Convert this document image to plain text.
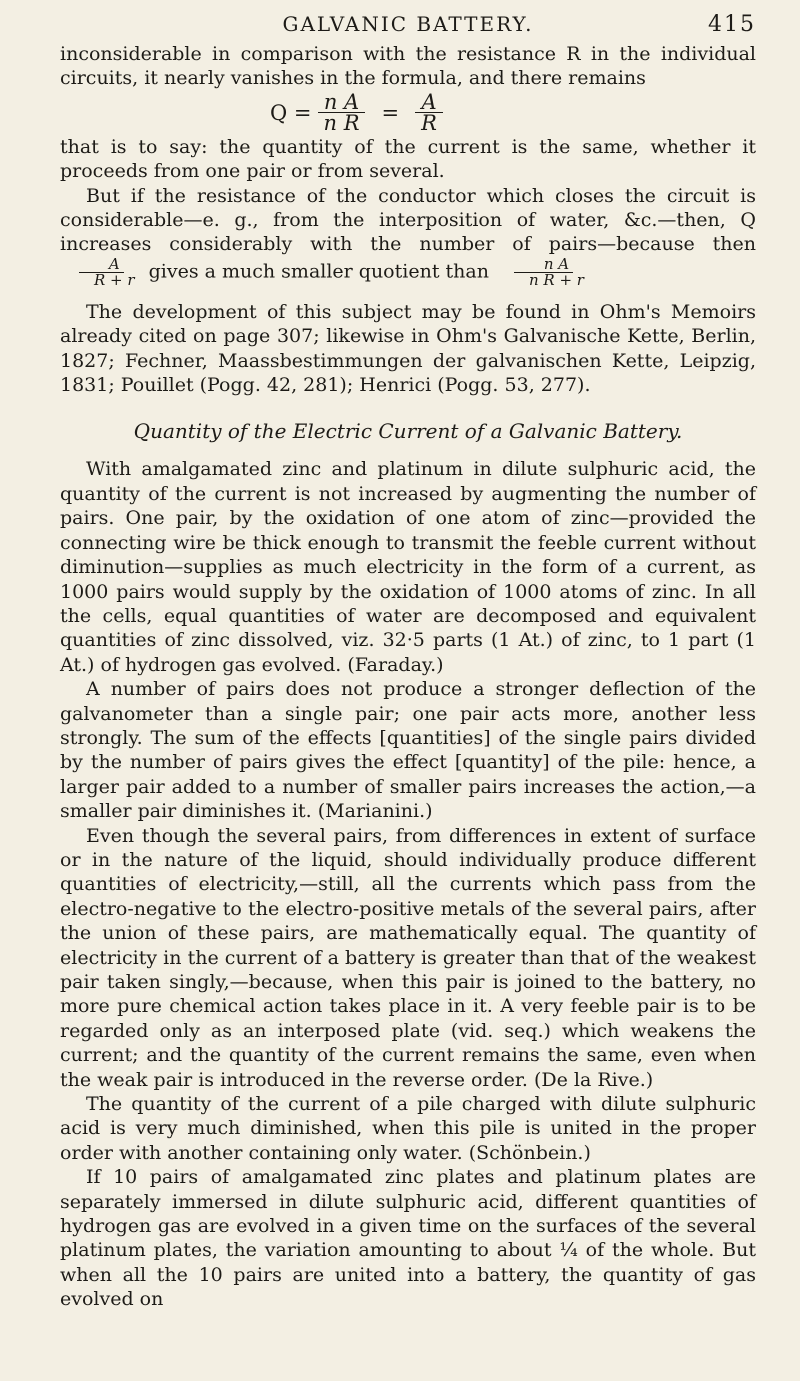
GALVANIC BATTERY.	415

inconsiderable in comparison with the resistance R in the individual circuits, it nearly vanishes in the formula, and there remains

$Q = \frac{\text{n A}}{\text{n R}} = \frac{A}{R}$

that is to say: the quantity of the current is the same, whether it proceeds from one pair or from several.

But if the resistance of the conductor which closes the circuit is considerable—e. g., from the interposition of water, &c.—then, Q increases considerably with the number of pairs—because then
$\frac{A}{R + r}$ gives a much smaller quotient than $\frac{\text{n A}}{\text{n R + r}}$

The development of this subject may be found in Ohm's Memoirs already cited on page 307; likewise in Ohm's Galvanische Kette, Berlin, 1827; Fechner, Maassbestimmungen der galvanischen Kette, Leipzig, 1831; Pouillet (Pogg. 42, 281); Henrici (Pogg. 53, 277).

Quantity of the Electric Current of a Galvanic Battery.

With amalgamated zinc and platinum in dilute sulphuric acid, the quantity of the current is not increased by augmenting the number of pairs. One pair, by the oxidation of one atom of zinc—provided the connecting wire be thick enough to transmit the feeble current without diminution—supplies as much electricity in the form of a current, as 1000 pairs would supply by the oxidation of 1000 atoms of zinc. In all the cells, equal quantities of water are decomposed and equivalent quantities of zinc dissolved, viz. 32·5 parts (1 At.) of zinc, to 1 part (1 At.) of hydrogen gas evolved. (Faraday.)

A number of pairs does not produce a stronger deflection of the galvanometer than a single pair; one pair acts more, another less strongly. The sum of the effects [quantities] of the single pairs divided by the number of pairs gives the effect [quantity] of the pile: hence, a larger pair added to a number of smaller pairs increases the action,—a smaller pair diminishes it. (Marianini.)

Even though the several pairs, from differences in extent of surface or in the nature of the liquid, should individually produce different quantities of electricity,—still, all the currents which pass from the electro-negative to the electro-positive metals of the several pairs, after the union of these pairs, are mathematically equal. The quantity of electricity in the current of a battery is greater than that of the weakest pair taken singly,—because, when this pair is joined to the battery, no more pure chemical action takes place in it. A very feeble pair is to be regarded only as an interposed plate (vid. seq.) which weakens the current; and the quantity of the current remains the same, even when the weak pair is introduced in the reverse order. (De la Rive.)

The quantity of the current of a pile charged with dilute sulphuric acid is very much diminished, when this pile is united in the proper order with another containing only water. (Schönbein.)

If 10 pairs of amalgamated zinc plates and platinum plates are separately immersed in dilute sulphuric acid, different quantities of hydrogen gas are evolved in a given time on the surfaces of the several platinum plates, the variation amounting to about ¼ of the whole. But when all the 10 pairs are united into a battery, the quantity of gas evolved on
